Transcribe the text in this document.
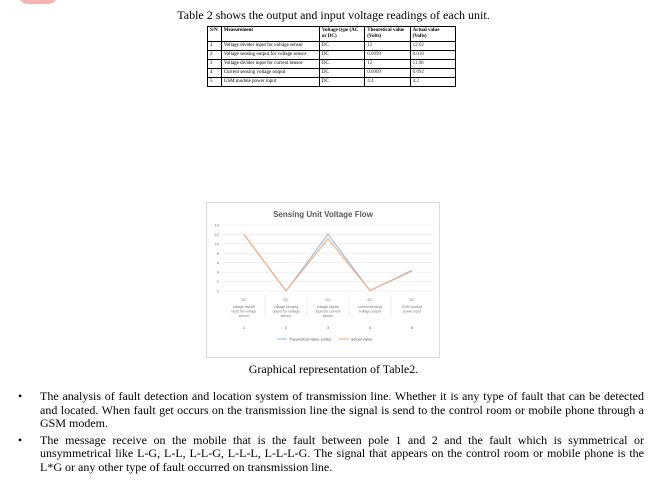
Table 2 shows the output and input voltage readings of each unit.
S/N	Measurement	Voltage type (AC or DC)	Theoretical value (Volts)	Actual value (Volts)
1	Voltage divider input for voltage sensor	DC	12	12.02
2	Voltage sensing output for voltage sensor	DC	0.0099	0.010
3	Voltage divider input for current sensor	DC	12	11.08
4	Current sensing voltage output	DC	0.0909	0.092
5	GSM module power input	DC	4.4	4.2
Sensing Unit Voltage Flow
14
12
10
8
6
4
2
0
DC
voltage divider
input for voltage
sensor
1
DC
voltage sensing
output for voltage
sensor
2
DC
voltage divider
input for current
sensor
3
DC
current sensing
voltage output
4
DC
GSM module
power input
5
Theoretical value (volts)	actual value
Graphical representation of Table2.
• The analysis of fault detection and location system of transmission line. Whether it is any type of fault that can be detected and located. When fault get occurs on the transmission line the signal is send to the control room or mobile phone through a GSM modem.
• The message receive on the mobile that is the fault between pole 1 and 2 and the fault which is symmetrical or unsymmetrical like L-G, L-L, L-L-G, L-L-L, L-L-L-G. The signal that appears on the control room or mobile phone is the L*G or any other type of fault occurred on transmission line.
